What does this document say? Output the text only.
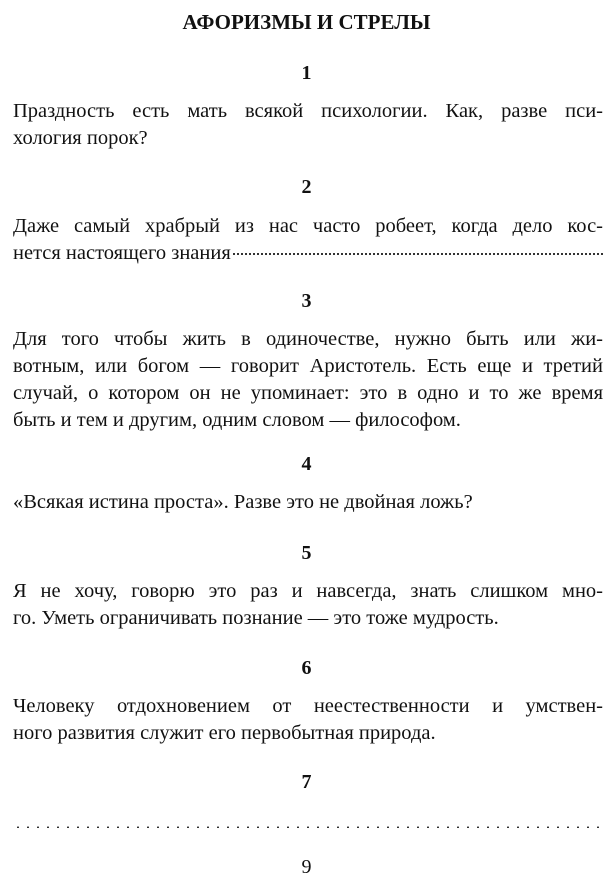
АФОРИЗМЫ И СТРЕЛЫ
1
Праздность есть мать всякой психологии. Как, разве пси-
хология порок?
2
Даже самый храбрый из нас часто робеет, когда дело кос-
нется настоящего знания
3
Для того чтобы жить в одиночестве, нужно быть или жи-
вотным, или богом — говорит Аристотель. Есть еще и третий
случай, о котором он не упоминает: это в одно и то же время
быть и тем и другим, одним словом — философом.
4
«Всякая истина проста». Разве это не двойная ложь?
5
Я не хочу, говорю это раз и навсегда, знать слишком мно-
го. Уметь ограничивать познание — это тоже мудрость.
6
Человеку отдохновением от неестественности и умствен-
ного развития служит его первобытная природа.
7
9
